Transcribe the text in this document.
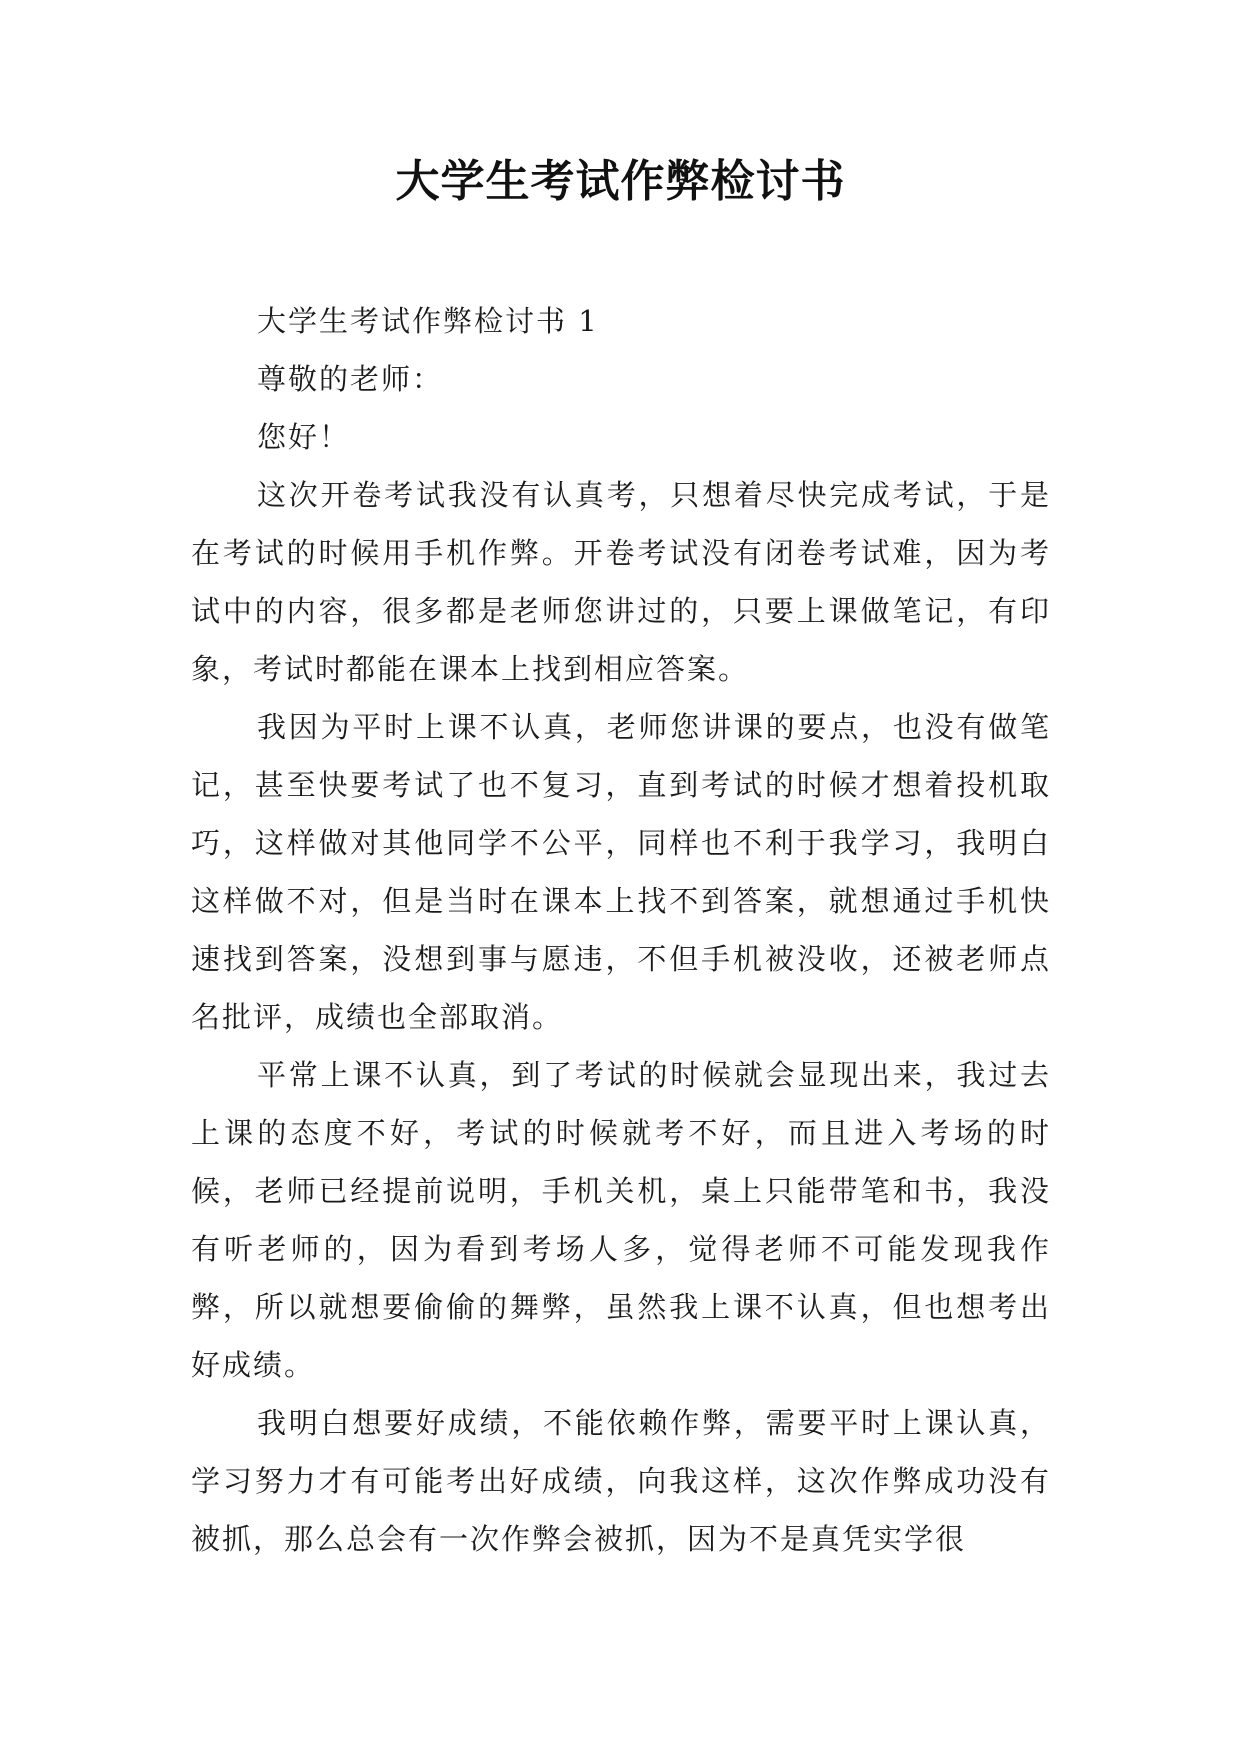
大学生考试作弊检讨书

大学生考试作弊检讨书 1

尊敬的老师：

您好！

这次开卷考试我没有认真考，只想着尽快完成考试，于是在考试的时候用手机作弊。开卷考试没有闭卷考试难，因为考试中的内容，很多都是老师您讲过的，只要上课做笔记，有印象，考试时都能在课本上找到相应答案。

我因为平时上课不认真，老师您讲课的要点，也没有做笔记，甚至快要考试了也不复习，直到考试的时候才想着投机取巧，这样做对其他同学不公平，同样也不利于我学习，我明白这样做不对，但是当时在课本上找不到答案，就想通过手机快速找到答案，没想到事与愿违，不但手机被没收，还被老师点名批评，成绩也全部取消。

平常上课不认真，到了考试的时候就会显现出来，我过去上课的态度不好，考试的时候就考不好，而且进入考场的时候，老师已经提前说明，手机关机，桌上只能带笔和书，我没有听老师的，因为看到考场人多，觉得老师不可能发现我作弊，所以就想要偷偷的舞弊，虽然我上课不认真，但也想考出好成绩。

我明白想要好成绩，不能依赖作弊，需要平时上课认真，学习努力才有可能考出好成绩，向我这样，这次作弊成功没有被抓，那么总会有一次作弊会被抓，因为不是真凭实学很
